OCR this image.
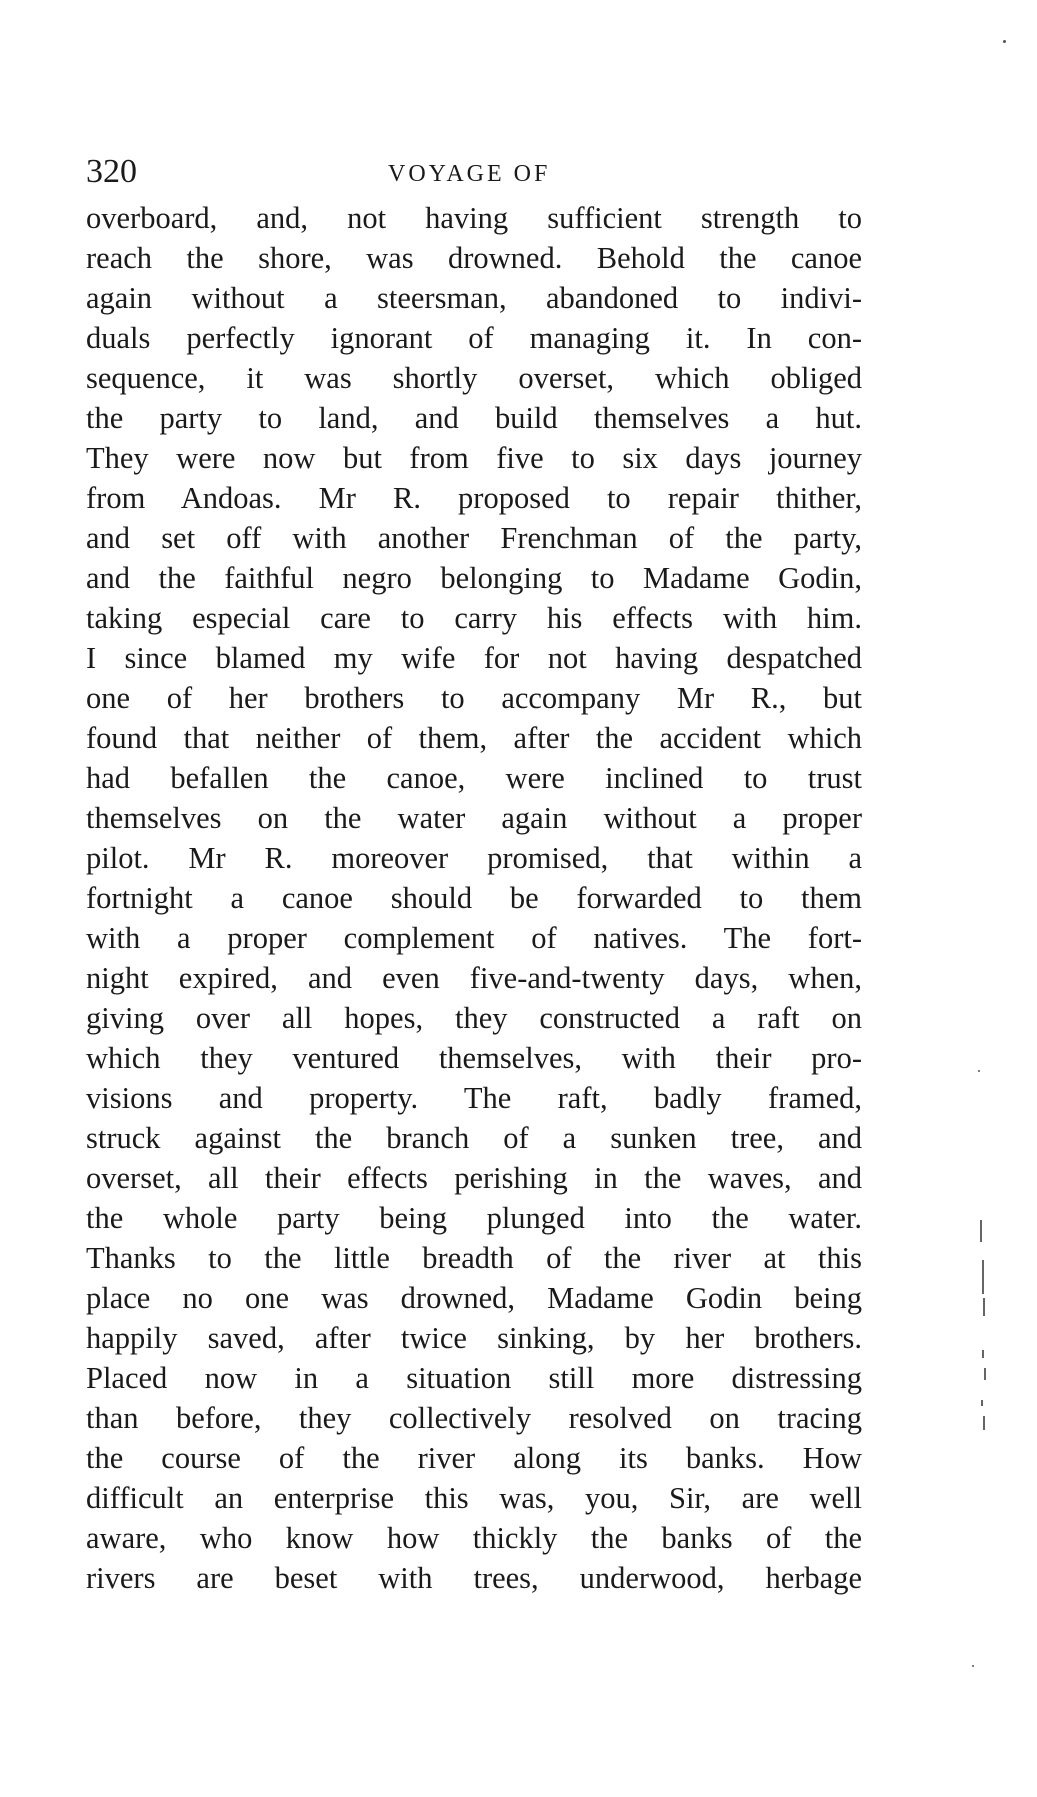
320	VOYAGE OF
overboard, and, not having sufficient strength to
reach the shore, was drowned. Behold the canoe
again without a steersman, abandoned to indivi-
duals perfectly ignorant of managing it. In con-
sequence, it was shortly overset, which obliged
the party to land, and build themselves a hut.
They were now but from five to six days journey
from Andoas. Mr R. proposed to repair thither,
and set off with another Frenchman of the party,
and the faithful negro belonging to Madame Godin,
taking especial care to carry his effects with him.
I since blamed my wife for not having despatched
one of her brothers to accompany Mr R., but
found that neither of them, after the accident which
had befallen the canoe, were inclined to trust
themselves on the water again without a proper
pilot. Mr R. moreover promised, that within a
fortnight a canoe should be forwarded to them
with a proper complement of natives. The fort-
night expired, and even five-and-twenty days, when,
giving over all hopes, they constructed a raft on
which they ventured themselves, with their pro-
visions and property. The raft, badly framed,
struck against the branch of a sunken tree, and
overset, all their effects perishing in the waves, and
the whole party being plunged into the water.
Thanks to the little breadth of the river at this
place no one was drowned, Madame Godin being
happily saved, after twice sinking, by her brothers.
Placed now in a situation still more distressing
than before, they collectively resolved on tracing
the course of the river along its banks. How
difficult an enterprise this was, you, Sir, are well
aware, who know how thickly the banks of the
rivers are beset with trees, underwood, herbage
